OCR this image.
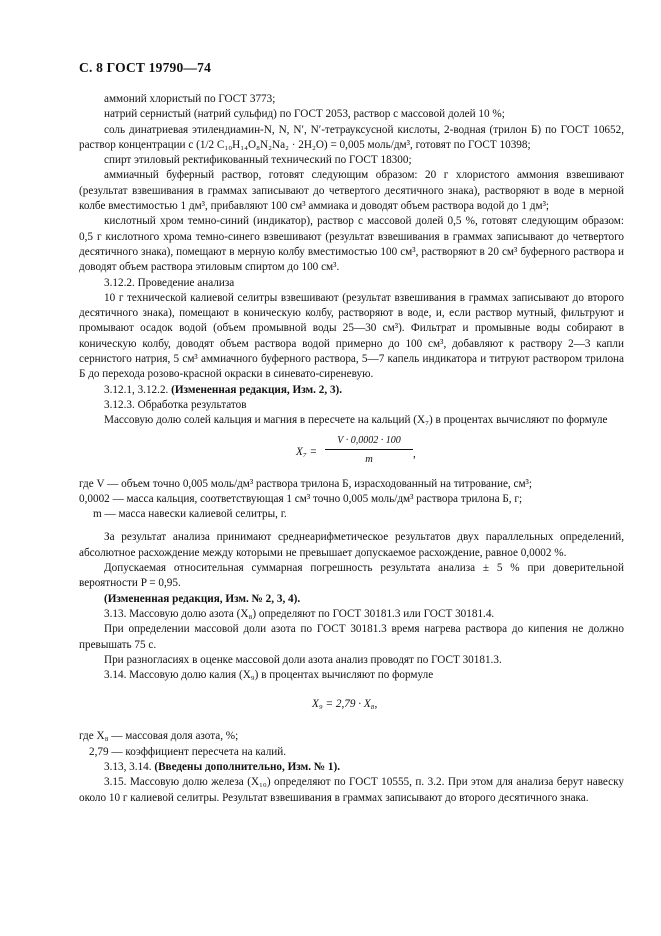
С. 8 ГОСТ 19790—74

аммоний хлористый по ГОСТ 3773;

натрий сернистый (натрий сульфид) по ГОСТ 2053, раствор с массовой долей 10 %;

соль динатриевая этилендиамин-N, N, N′, N′-тетрауксусной кислоты, 2-водная (трилон Б) по ГОСТ 10652, раствор концентрации c (1/2 C₁₀H₁₄O₈N₂Na₂ · 2H₂O) = 0,005 моль/дм³, готовят по ГОСТ 10398;

спирт этиловый ректификованный технический по ГОСТ 18300;

аммиачный буферный раствор, готовят следующим образом: 20 г хлористого аммония взвешивают (результат взвешивания в граммах записывают до четвертого десятичного знака), растворяют в воде в мерной колбе вместимостью 1 дм³, прибавляют 100 см³ аммиака и доводят объем раствора водой до 1 дм³;

кислотный хром темно-синий (индикатор), раствор с массовой долей 0,5 %, готовят следующим образом: 0,5 г кислотного хрома темно-синего взвешивают (результат взвешивания в граммах записывают до четвертого десятичного знака), помещают в мерную колбу вместимостью 100 см³, растворяют в 20 см³ буферного раствора и доводят объем раствора этиловым спиртом до 100 см³.

3.12.2. Проведение анализа

10 г технической калиевой селитры взвешивают (результат взвешивания в граммах записывают до второго десятичного знака), помещают в коническую колбу, растворяют в воде, и, если раствор мутный, фильтруют и промывают осадок водой (объем промывной воды 25—30 см³). Фильтрат и промывные воды собирают в коническую колбу, доводят объем раствора водой примерно до 100 см³, добавляют к раствору 2—3 капли сернистого натрия, 5 см³ аммиачного буферного раствора, 5—7 капель индикатора и титруют раствором трилона Б до перехода розово-красной окраски в синевато-сиреневую.

3.12.1, 3.12.2. (Измененная редакция, Изм. 2, 3).

3.12.3. Обработка результатов

Массовую долю солей кальция и магния в пересчете на кальций (X₇) в процентах вычисляют по формуле

$X_7 = \frac{V \cdot 0,0002 \cdot 100}{m}$ ,

где V — объем точно 0,005 моль/дм³ раствора трилона Б, израсходованный на титрование, см³;

0,0002 — масса кальция, соответствующая 1 см³ точно 0,005 моль/дм³ раствора трилона Б, г;

m — масса навески калиевой селитры, г.

За результат анализа принимают среднеарифметическое результатов двух параллельных определений, абсолютное расхождение между которыми не превышает допускаемое расхождение, равное 0,0002 %.

Допускаемая относительная суммарная погрешность результата анализа ± 5 % при доверительной вероятности P = 0,95.

(Измененная редакция, Изм. № 2, 3, 4).

3.13. Массовую долю азота (X₈) определяют по ГОСТ 30181.3 или ГОСТ 30181.4.

При определении массовой доли азота по ГОСТ 30181.3 время нагрева раствора до кипения не должно превышать 75 с.

При разногласиях в оценке массовой доли азота анализ проводят по ГОСТ 30181.3.

3.14. Массовую долю калия (X₉) в процентах вычисляют по формуле

X₉ = 2,79 · X₈,

где X₈ — массовая доля азота, %;

2,79 — коэффициент пересчета на калий.

3.13, 3.14. (Введены дополнительно, Изм. № 1).

3.15. Массовую долю железа (X₁₀) определяют по ГОСТ 10555, п. 3.2. При этом для анализа берут навеску около 10 г калиевой селитры. Результат взвешивания в граммах записывают до второго десятичного знака.
